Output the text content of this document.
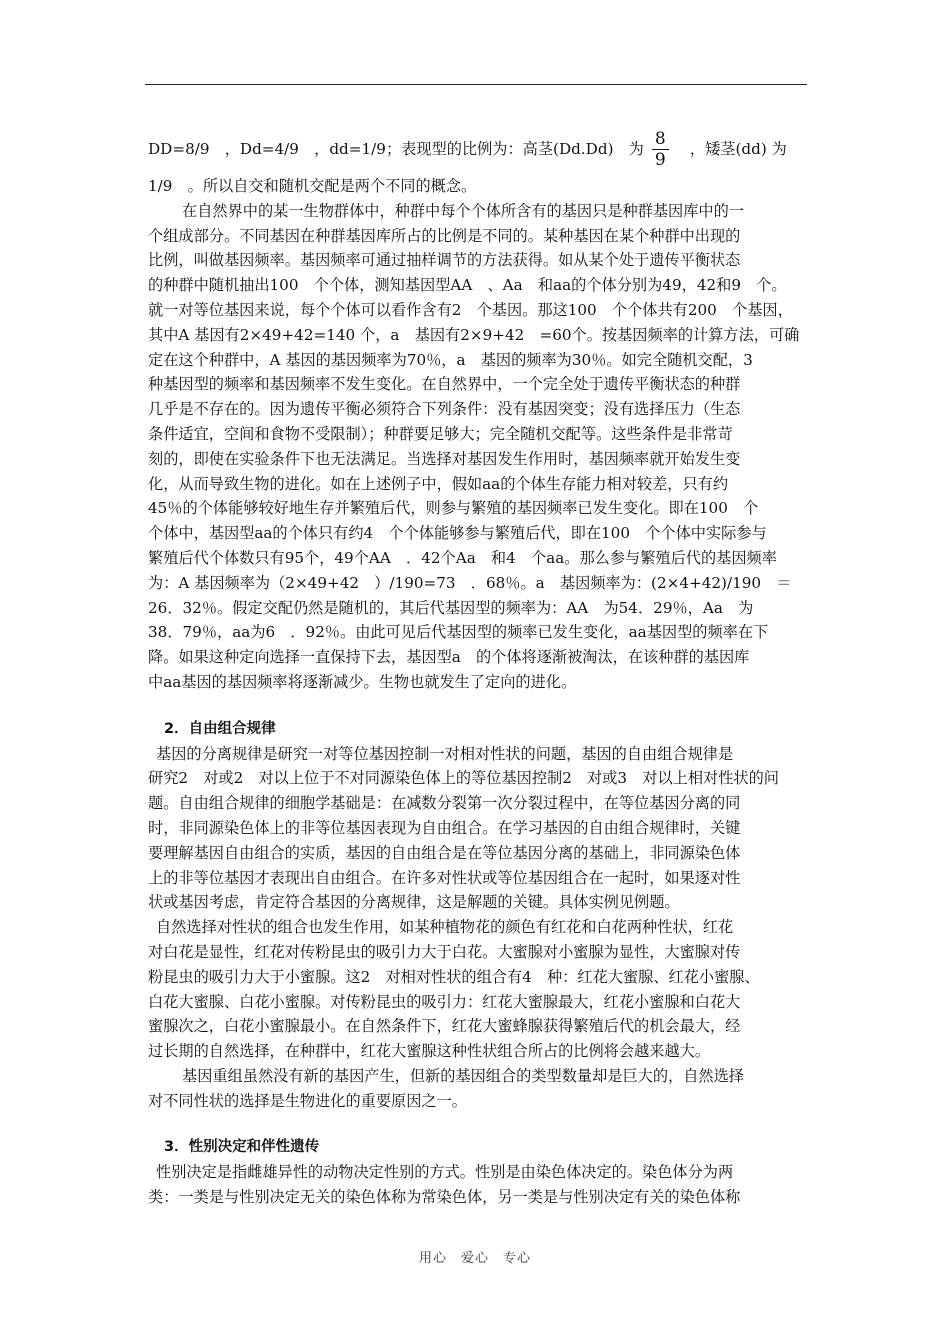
DD=8/9　，Dd=4/9　，dd=1/9；表现型的比例为：高茎(Dd.Dd)　为 $\frac{8}{9}$ 　，矮茎(dd) 为
1/9　。所以自交和随机交配是两个不同的概念。
在自然界中的某一生物群体中，种群中每个个体所含有的基因只是种群基因库中的一
个组成部分。不同基因在种群基因库所占的比例是不同的。某种基因在某个种群中出现的
比例，叫做基因频率。基因频率可通过抽样调节的方法获得。如从某个处于遗传平衡状态
的种群中随机抽出100　个个体，测知基因型AA　、Aa　和aa的个体分别为49，42和9　个。
就一对等位基因来说，每个个体可以看作含有2　个基因。那这100　个个体共有200　个基因，
其中A 基因有2×49+42=140 个，a　基因有2×9+42　=60个。按基因频率的计算方法，可确
定在这个种群中，A 基因的基因频率为70％，a　基因的频率为30％。如完全随机交配，3
种基因型的频率和基因频率不发生变化。在自然界中，一个完全处于遗传平衡状态的种群
几乎是不存在的。因为遗传平衡必须符合下列条件：没有基因突变；没有选择压力（生态
条件适宜，空间和食物不受限制）；种群要足够大；完全随机交配等。这些条件是非常苛
刻的，即使在实验条件下也无法满足。当选择对基因发生作用时，基因频率就开始发生变
化，从而导致生物的进化。如在上述例子中，假如aa的个体生存能力相对较差，只有约
45％的个体能够较好地生存并繁殖后代，则参与繁殖的基因频率已发生变化。即在100　个
个体中，基因型aa的个体只有约4　个个体能够参与繁殖后代，即在100　个个体中实际参与
繁殖后代个体数只有95个，49个AA　．42个Aa　和4　个aa。那么参与繁殖后代的基因频率
为：A 基因频率为（2×49+42　）/190=73　．68％。a　基因频率为：(2×4+42)/190　＝
26．32％。假定交配仍然是随机的，其后代基因型的频率为：AA　为54．29％，Aa　为
38．79％，aa为6　．92％。由此可见后代基因型的频率已发生变化，aa基因型的频率在下
降。如果这种定向选择一直保持下去，基因型a　的个体将逐渐被淘汰，在该种群的基因库
中aa基因的基因频率将逐渐减少。生物也就发生了定向的进化。
2．自由组合规律
基因的分离规律是研究一对等位基因控制一对相对性状的问题，基因的自由组合规律是
研究2　对或2　对以上位于不对同源染色体上的等位基因控制2　对或3　对以上相对性状的问
题。自由组合规律的细胞学基础是：在减数分裂第一次分裂过程中，在等位基因分离的同
时，非同源染色体上的非等位基因表现为自由组合。在学习基因的自由组合规律时，关键
要理解基因自由组合的实质，基因的自由组合是在等位基因分离的基础上，非同源染色体
上的非等位基因才表现出自由组合。在许多对性状或等位基因组合在一起时，如果逐对性
状或基因考虑，肯定符合基因的分离规律，这是解题的关键。具体实例见例题。
自然选择对性状的组合也发生作用，如某种植物花的颜色有红花和白花两种性状，红花
对白花是显性，红花对传粉昆虫的吸引力大于白花。大蜜腺对小蜜腺为显性，大蜜腺对传
粉昆虫的吸引力大于小蜜腺。这2　对相对性状的组合有4　种：红花大蜜腺、红花小蜜腺、
白花大蜜腺、白花小蜜腺。对传粉昆虫的吸引力：红花大蜜腺最大，红花小蜜腺和白花大
蜜腺次之，白花小蜜腺最小。在自然条件下，红花大蜜蜂腺获得繁殖后代的机会最大，经
过长期的自然选择，在种群中，红花大蜜腺这种性状组合所占的比例将会越来越大。
基因重组虽然没有新的基因产生，但新的基因组合的类型数量却是巨大的，自然选择
对不同性状的选择是生物进化的重要原因之一。
3．性别决定和伴性遗传
性别决定是指雌雄异性的动物决定性别的方式。性别是由染色体决定的。染色体分为两
类：一类是与性别决定无关的染色体称为常染色体，另一类是与性别决定有关的染色体称
用心　爱心　专心
